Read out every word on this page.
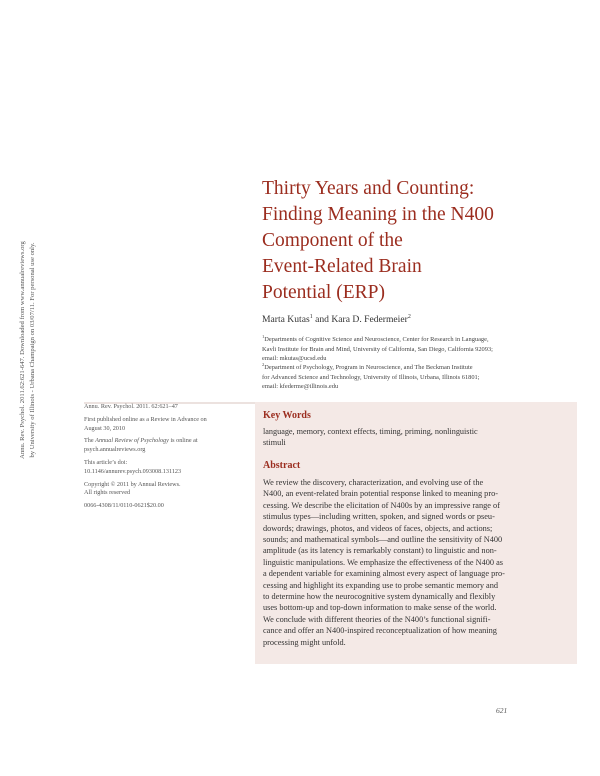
Annu. Rev. Psychol. 2011.62:621-647. Downloaded from www.annualreviews.org by University of Illinois - Urbana Champaign on 03/07/11. For personal use only.
Thirty Years and Counting:
Finding Meaning in the N400
Component of the
Event-Related Brain
Potential (ERP)
Marta Kutas$^1$ and Kara D. Federmeier$^2$
$^1$Departments of Cognitive Science and Neuroscience, Center for Research in Language,
Kavli Institute for Brain and Mind, University of California, San Diego, California 92093;
email: mkutas@ucsd.edu
$^2$Department of Psychology, Program in Neuroscience, and The Beckman Institute
for Advanced Science and Technology, University of Illinois, Urbana, Illinois 61801;
email: kfederme@illinois.edu
Annu. Rev. Psychol. 2011. 62:621–47
First published online as a Review in Advance on
August 30, 2010
The Annual Review of Psychology is online at
psych.annualreviews.org
This article’s doi:
10.1146/annurev.psych.093008.131123
Copyright © 2011 by Annual Reviews.
All rights reserved
0066-4308/11/0110-0621$20.00
Key Words
language, memory, context effects, timing, priming, nonlinguistic
stimuli
Abstract
We review the discovery, characterization, and evolving use of the
N400, an event-related brain potential response linked to meaning pro-
cessing. We describe the elicitation of N400s by an impressive range of
stimulus types—including written, spoken, and signed words or pseu-
dowords; drawings, photos, and videos of faces, objects, and actions;
sounds; and mathematical symbols—and outline the sensitivity of N400
amplitude (as its latency is remarkably constant) to linguistic and non-
linguistic manipulations. We emphasize the effectiveness of the N400 as
a dependent variable for examining almost every aspect of language pro-
cessing and highlight its expanding use to probe semantic memory and
to determine how the neurocognitive system dynamically and flexibly
uses bottom-up and top-down information to make sense of the world.
We conclude with different theories of the N400’s functional signifi-
cance and offer an N400-inspired reconceptualization of how meaning
processing might unfold.
621
